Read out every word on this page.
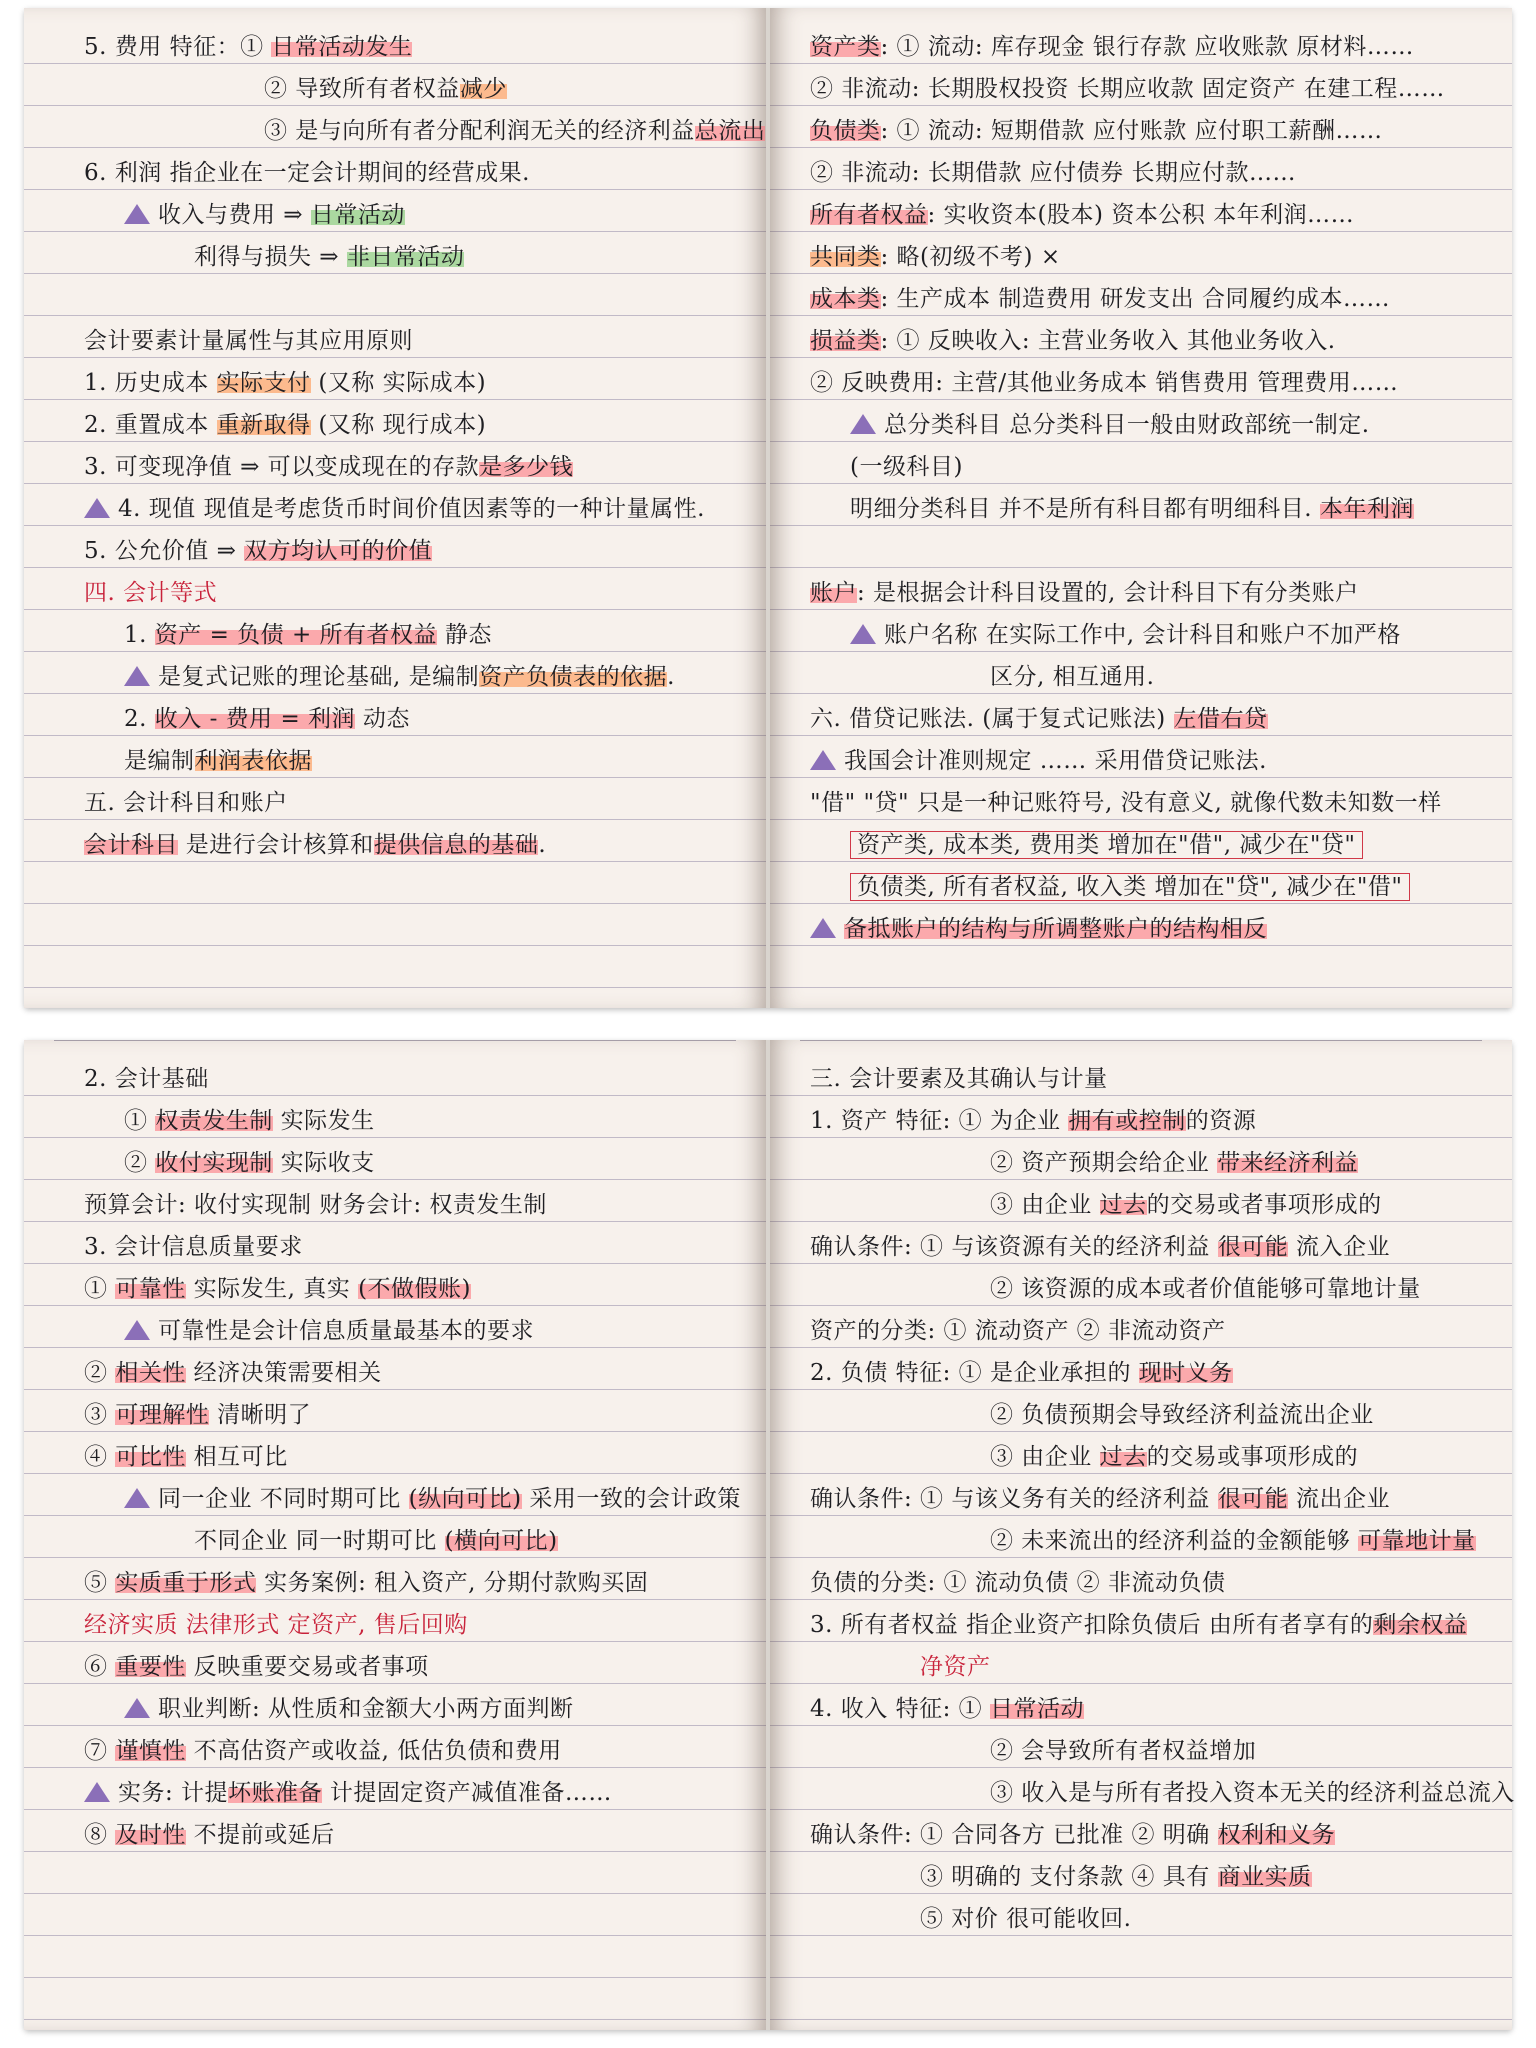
5. 费用 特征：① 日常活动发生
② 导致所有者权益减少
③ 是与向所有者分配利润无关的经济利益总流出
6. 利润 指企业在一定会计期间的经营成果.
收入与费用 ⇒ 日常活动
利得与损失 ⇒ 非日常活动
会计要素计量属性与其应用原则
1. 历史成本 实际支付 (又称 实际成本)
2. 重置成本 重新取得 (又称 现行成本)
3. 可变现净值 ⇒ 可以变成现在的存款是多少钱
4. 现值 现值是考虑货币时间价值因素等的一种计量属性.
5. 公允价值 ⇒ 双方均认可的价值
四. 会计等式
1. 资产 = 负债 + 所有者权益 静态
是复式记账的理论基础, 是编制资产负债表的依据.
2. 收入 - 费用 = 利润 动态
是编制利润表依据
五. 会计科目和账户
会计科目 是进行会计核算和提供信息的基础.
资产类: ① 流动: 库存现金 银行存款 应收账款 原材料……
② 非流动: 长期股权投资 长期应收款 固定资产 在建工程……
负债类: ① 流动: 短期借款 应付账款 应付职工薪酬……
② 非流动: 长期借款 应付债券 长期应付款……
所有者权益: 实收资本(股本) 资本公积 本年利润……
共同类: 略(初级不考) ×
成本类: 生产成本 制造费用 研发支出 合同履约成本……
损益类: ① 反映收入: 主营业务收入 其他业务收入.
② 反映费用: 主营/其他业务成本 销售费用 管理费用……
总分类科目 总分类科目一般由财政部统一制定.
(一级科目)
明细分类科目 并不是所有科目都有明细科目. 本年利润
账户: 是根据会计科目设置的, 会计科目下有分类账户
账户名称 在实际工作中, 会计科目和账户不加严格
区分, 相互通用.
六. 借贷记账法. (属于复式记账法) 左借右贷
我国会计准则规定 …… 采用借贷记账法.
"借" "贷" 只是一种记账符号, 没有意义, 就像代数未知数一样
资产类, 成本类, 费用类 增加在"借", 减少在"贷"
负债类, 所有者权益, 收入类 增加在"贷", 减少在"借"
备抵账户的结构与所调整账户的结构相反
2. 会计基础
① 权责发生制 实际发生
② 收付实现制 实际收支
预算会计: 收付实现制 财务会计: 权责发生制
3. 会计信息质量要求
① 可靠性 实际发生, 真实 (不做假账)
可靠性是会计信息质量最基本的要求
② 相关性 经济决策需要相关
③ 可理解性 清晰明了
④ 可比性 相互可比
同一企业 不同时期可比 (纵向可比) 采用一致的会计政策
不同企业 同一时期可比 (横向可比)
⑤ 实质重于形式 实务案例: 租入资产, 分期付款购买固
经济实质 法律形式 定资产, 售后回购
⑥ 重要性 反映重要交易或者事项
职业判断: 从性质和金额大小两方面判断
⑦ 谨慎性 不高估资产或收益, 低估负债和费用
实务: 计提坏账准备 计提固定资产减值准备……
⑧ 及时性 不提前或延后
三. 会计要素及其确认与计量
1. 资产 特征: ① 为企业 拥有或控制的资源
② 资产预期会给企业 带来经济利益
③ 由企业 过去的交易或者事项形成的
确认条件: ① 与该资源有关的经济利益 很可能 流入企业
② 该资源的成本或者价值能够可靠地计量
资产的分类: ① 流动资产 ② 非流动资产
2. 负债 特征: ① 是企业承担的 现时义务
② 负债预期会导致经济利益流出企业
③ 由企业 过去的交易或事项形成的
确认条件: ① 与该义务有关的经济利益 很可能 流出企业
② 未来流出的经济利益的金额能够 可靠地计量
负债的分类: ① 流动负债 ② 非流动负债
3. 所有者权益 指企业资产扣除负债后 由所有者享有的剩余权益
净资产
4. 收入 特征: ① 日常活动
② 会导致所有者权益增加
③ 收入是与所有者投入资本无关的经济利益总流入
确认条件: ① 合同各方 已批准 ② 明确 权利和义务
③ 明确的 支付条款 ④ 具有 商业实质
⑤ 对价 很可能收回.
